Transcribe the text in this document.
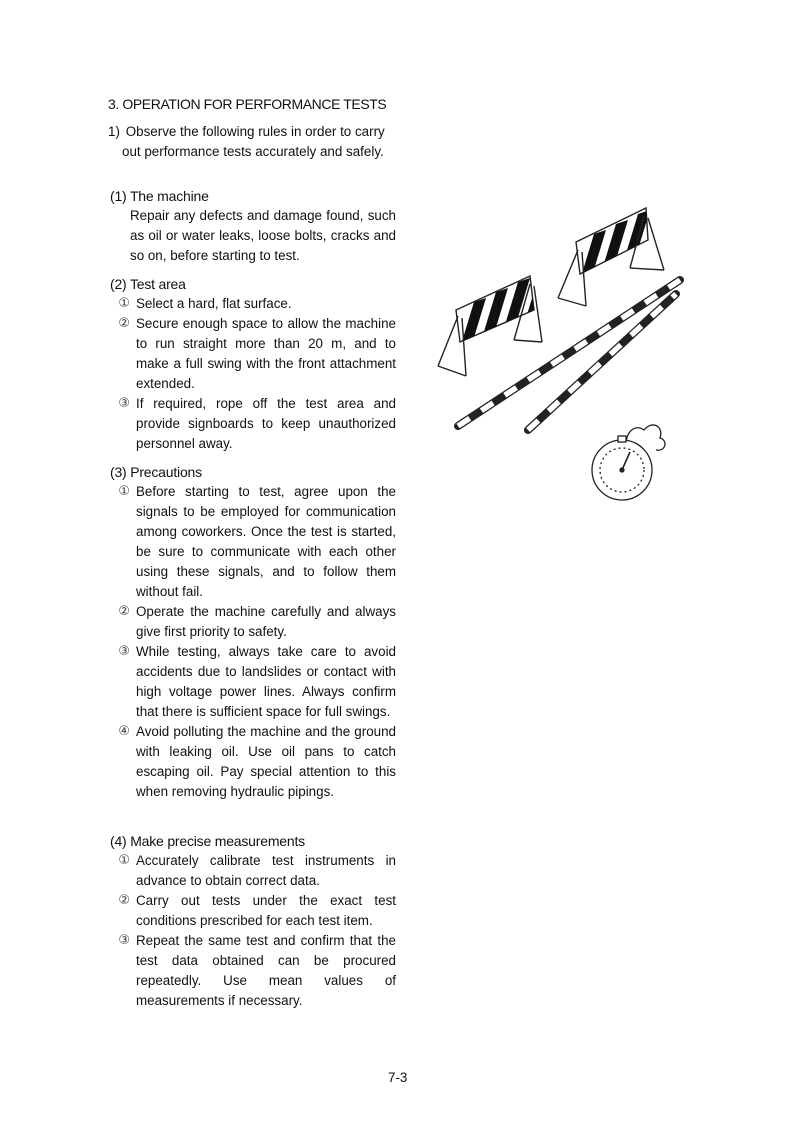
3. OPERATION FOR PERFORMANCE TESTS
1) Observe the following rules in order to carry
out performance tests accurately and safely.
(1) The machine
Repair any defects and damage found, such as oil or water leaks, loose bolts, cracks and so on, before starting to test.
(2) Test area
① Select a hard, flat surface.
② Secure enough space to allow the machine to run straight more than 20 m, and to make a full swing with the front attachment extended.
③ If required, rope off the test area and provide signboards to keep unauthorized personnel away.
(3) Precautions
① Before starting to test, agree upon the signals to be employed for communication among coworkers. Once the test is started, be sure to communicate with each other using these signals, and to follow them without fail.
② Operate the machine carefully and always give first priority to safety.
③ While testing, always take care to avoid accidents due to landslides or contact with high voltage power lines. Always confirm that there is sufficient space for full swings.
④ Avoid polluting the machine and the ground with leaking oil. Use oil pans to catch escaping oil. Pay special attention to this when removing hydraulic pipings.
(4) Make precise measurements
① Accurately calibrate test instruments in advance to obtain correct data.
② Carry out tests under the exact test conditions prescribed for each test item.
③ Repeat the same test and confirm that the test data obtained can be procured repeatedly. Use mean values of measurements if necessary.
7-3
